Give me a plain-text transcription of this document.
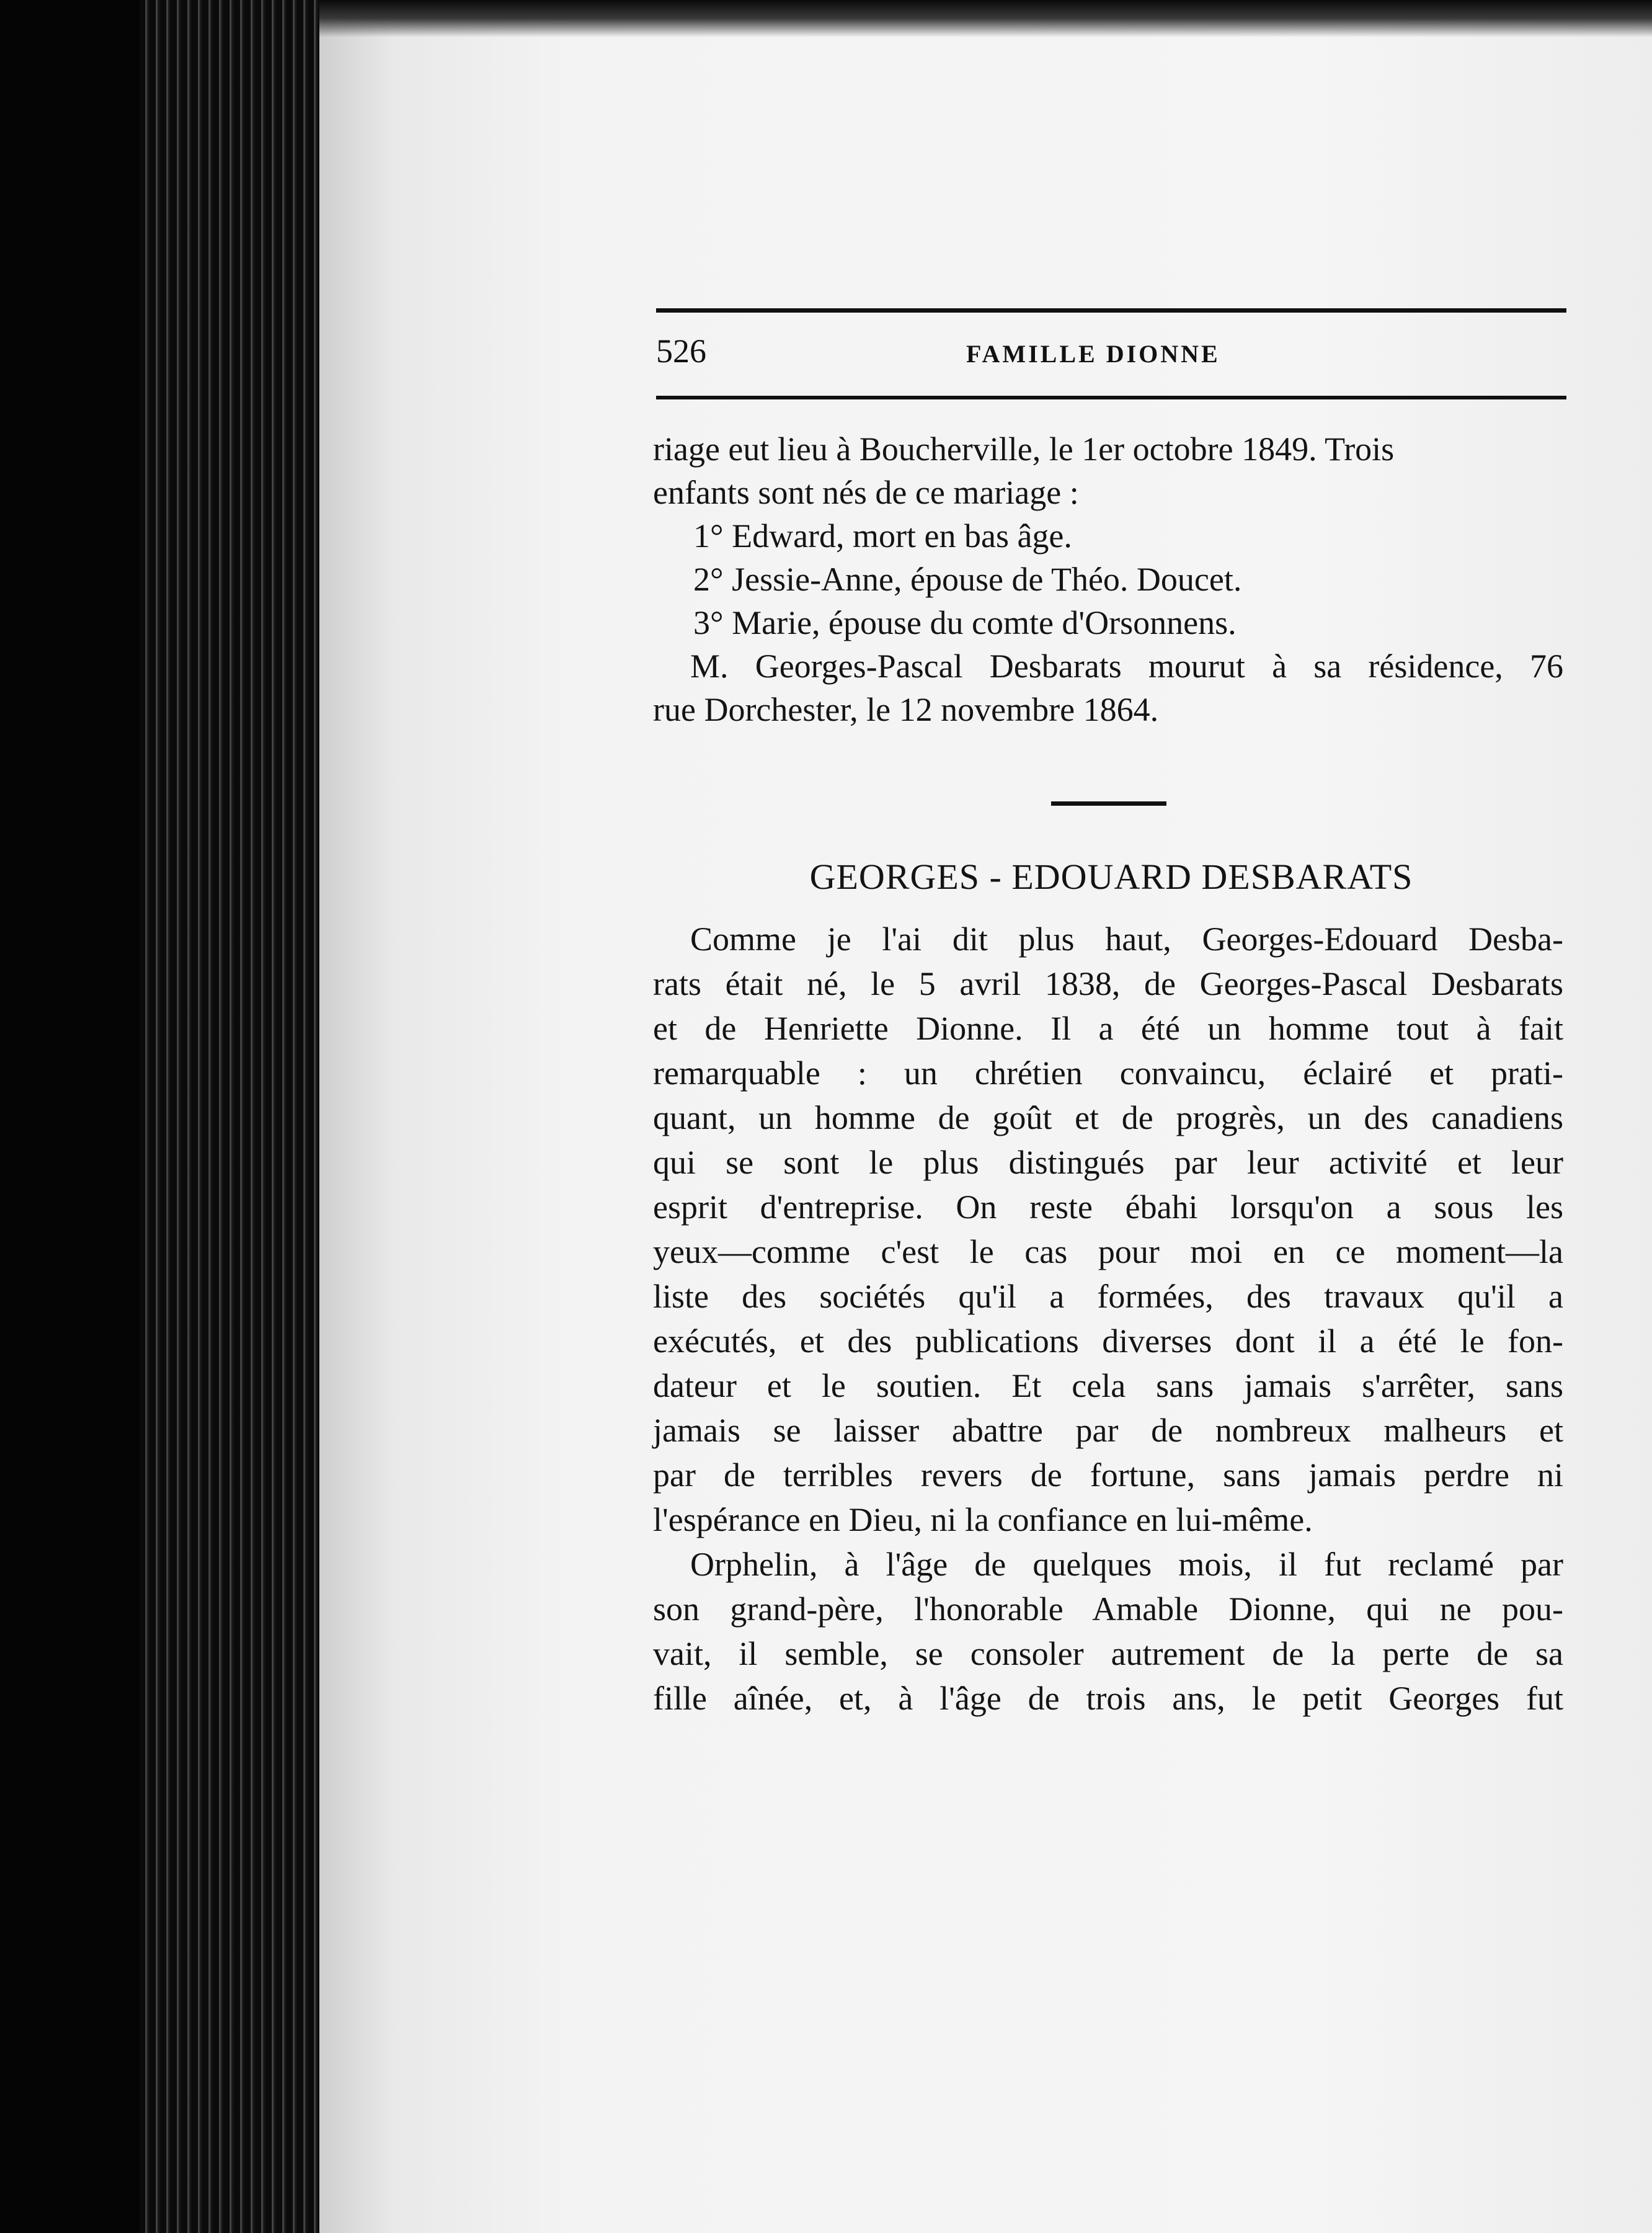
526	FAMILLE DIONNE
riage eut lieu à Boucherville, le 1er octobre 1849. Trois
enfants sont nés de ce mariage :
1° Edward, mort en bas âge.
2° Jessie-Anne, épouse de Théo. Doucet.
3° Marie, épouse du comte d'Orsonnens.
M. Georges-Pascal Desbarats mourut à sa résidence, 76
rue Dorchester, le 12 novembre 1864.
Comme je l'ai dit plus haut, Georges-Edouard Desba-
rats était né, le 5 avril 1838, de Georges-Pascal Desbarats
et de Henriette Dionne. Il a été un homme tout à fait
remarquable : un chrétien convaincu, éclairé et prati-
quant, un homme de goût et de progrès, un des canadiens
qui se sont le plus distingués par leur activité et leur
esprit d'entreprise. On reste ébahi lorsqu'on a sous les
yeux—comme c'est le cas pour moi en ce moment—la
liste des sociétés qu'il a formées, des travaux qu'il a
exécutés, et des publications diverses dont il a été le fon-
dateur et le soutien. Et cela sans jamais s'arrêter, sans
jamais se laisser abattre par de nombreux malheurs et
par de terribles revers de fortune, sans jamais perdre ni
l'espérance en Dieu, ni la confiance en lui-même.
Orphelin, à l'âge de quelques mois, il fut reclamé par
son grand-père, l'honorable Amable Dionne, qui ne pou-
vait, il semble, se consoler autrement de la perte de sa
fille aînée, et, à l'âge de trois ans, le petit Georges fut
GEORGES - EDOUARD DESBARATS
